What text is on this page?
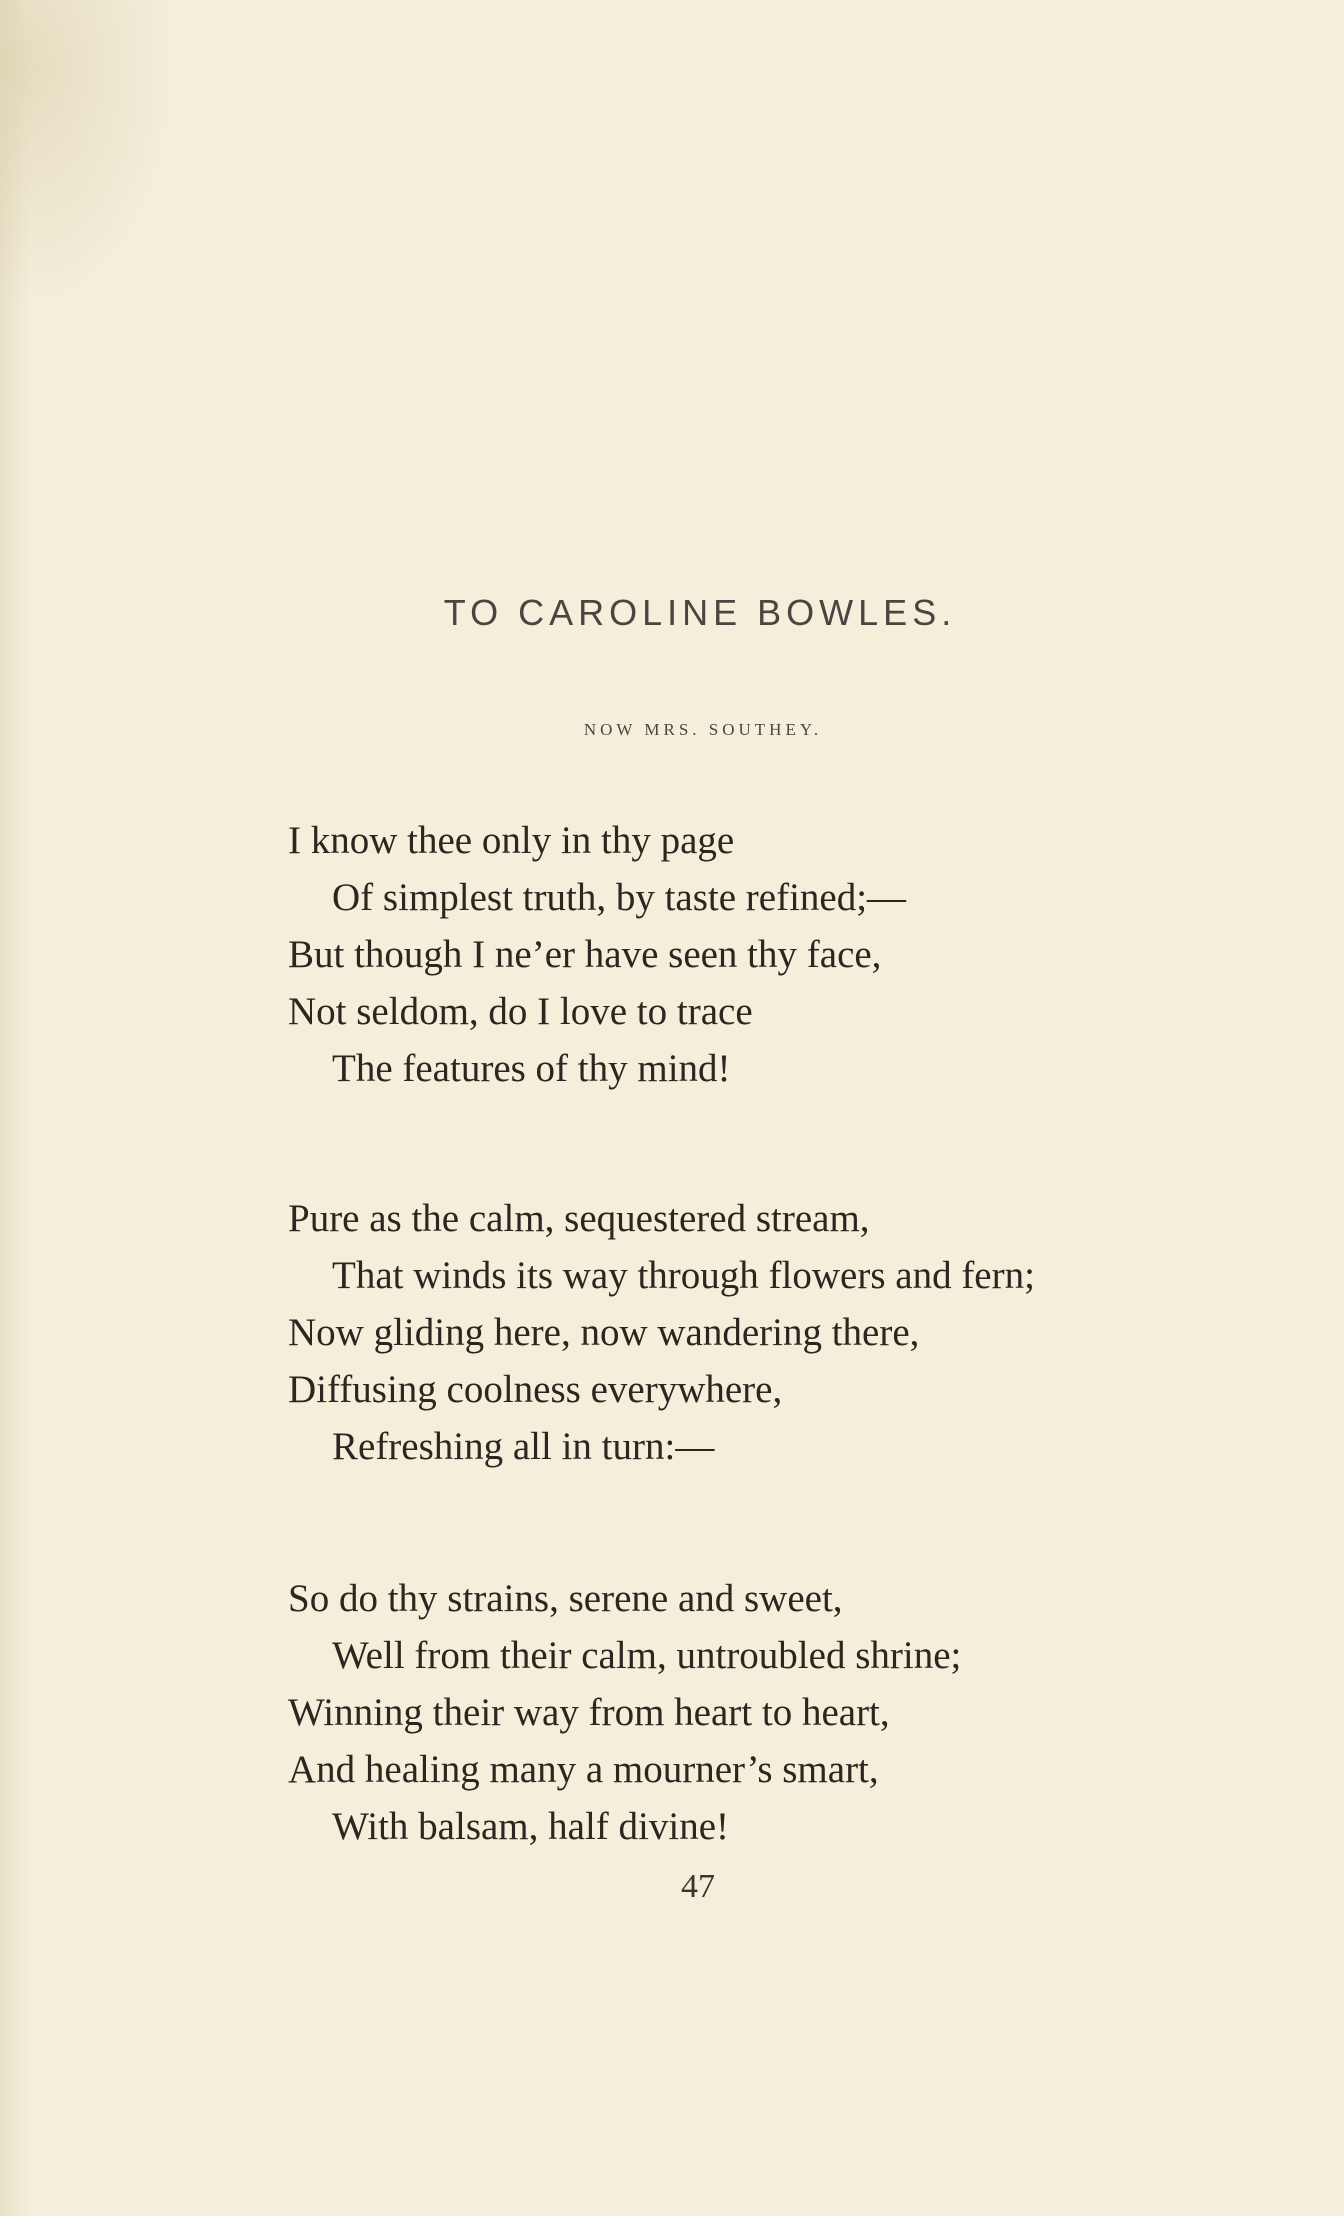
TO CAROLINE BOWLES.
NOW MRS. SOUTHEY.
I know thee only in thy page
Of simplest truth, by taste refined;—
But though I ne’er have seen thy face,
Not seldom, do I love to trace
The features of thy mind!
Pure as the calm, sequestered stream,
That winds its way through flowers and fern;
Now gliding here, now wandering there,
Diffusing coolness everywhere,
Refreshing all in turn:—
So do thy strains, serene and sweet,
Well from their calm, untroubled shrine;
Winning their way from heart to heart,
And healing many a mourner’s smart,
With balsam, half divine!
47
